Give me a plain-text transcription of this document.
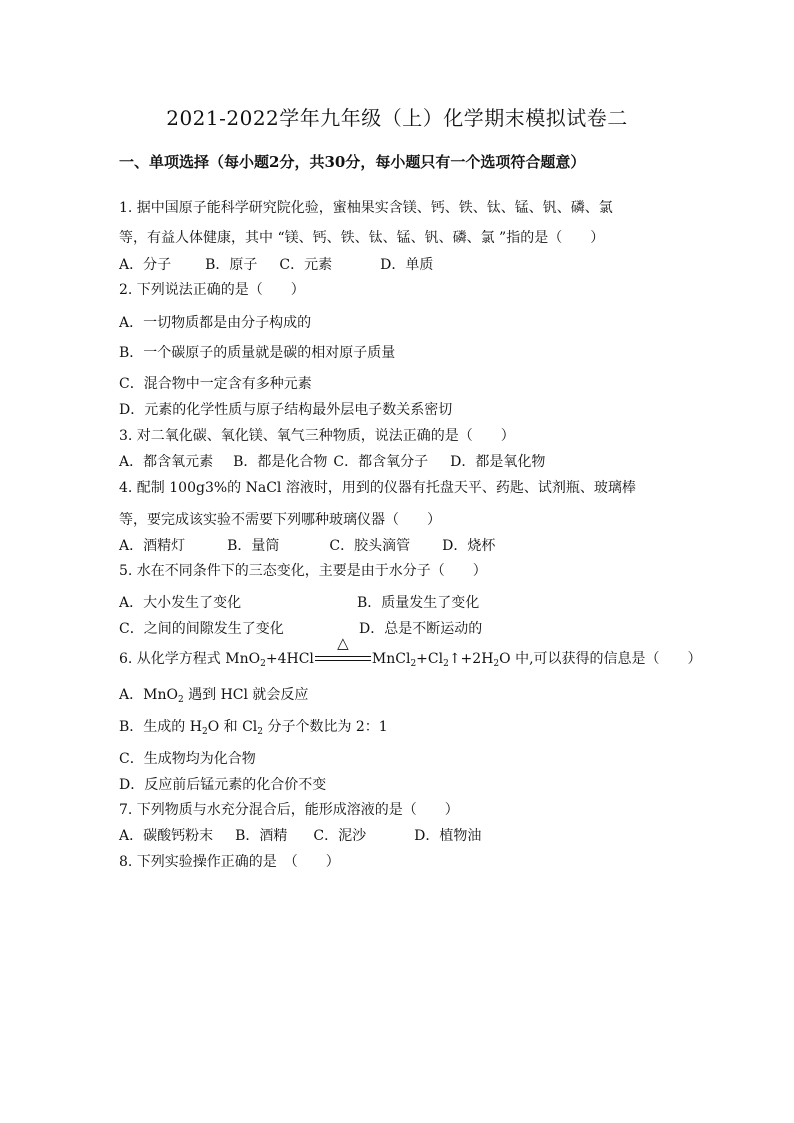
2021-2022学年九年级（上）化学期末模拟试卷二
一、单项选择（每小题2分，共30分，每小题只有一个选项符合题意）
1. 据中国原子能科学研究院化验，蜜柚果实含镁、钙、铁、钛、锰、钒、磷、氯
等，有益人体健康，其中 “镁、钙、铁、钛、锰、钒、磷、氯 ”指的是（　　）
A．分子 B．原子 C．元素	D．单质
2. 下列说法正确的是（　　）
A．一切物质都是由分子构成的
B．一个碳原子的质量就是碳的相对原子质量
C．混合物中一定含有多种元素
D．元素的化学性质与原子结构最外层电子数关系密切
3. 对二氧化碳、氧化镁、氧气三种物质，说法正确的是（　　）
A．都含氧元素 B．都是化合物 C．都含氧分子 D．都是氧化物
4. 配制 100g3%的 NaCl 溶液时，用到的仪器有托盘天平、药匙、试剂瓶、玻璃棒
等，要完成该实验不需要下列哪种玻璃仪器（　　）
A．酒精灯	B．量筒	C．胶头滴管 D．烧杯
5. 水在不同条件下的三态变化，主要是由于水分子（　　）
A．大小发生了变化	B．质量发生了变化
C．之间的间隙发生了变化	D．总是不断运动的
6. 从化学方程式 MnO$_2$+4HCl
△
$MnCl_2+Cl_2↑+2H_2O$ 中,可以获得的信息是（　　）
A．MnO$_2$ 遇到 HCl 就会反应
B．生成的 $H_2O$ 和 $Cl_2$ 分子个数比为 2：1
C．生成物均为化合物
D．反应前后锰元素的化合价不变
7. 下列物质与水充分混合后，能形成溶液的是（　　）
A．碳酸钙粉末 B．酒精 C．泥沙	D．植物油
8. 下列实验操作正确的是　（　　）
